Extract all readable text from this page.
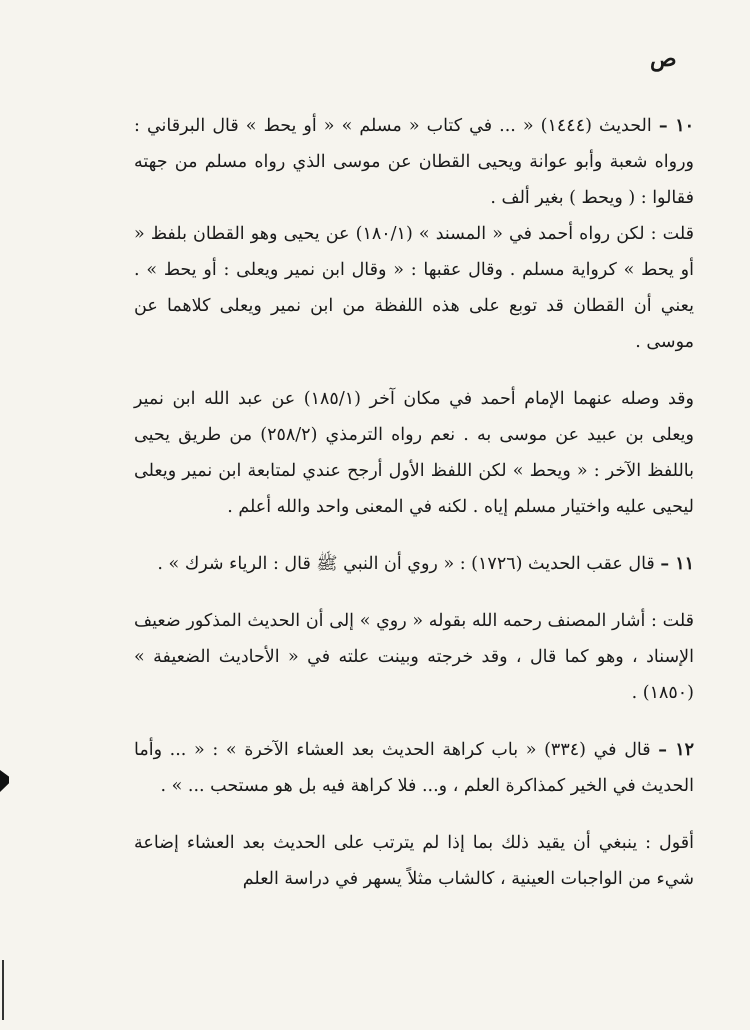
ص

١٠ – الحديث (١٤٤٤) « ... في كتاب « مسلم » « أو يحط » قال البرقاني : ورواه شعبة وأبو عوانة ويحيى القطان عن موسى الذي رواه مسلم من جهته فقالوا : ( ويحط ) بغير ألف .

قلت : لكن رواه أحمد في « المسند » (١٨٠/١) عن يحيى وهو القطان بلفظ « أو يحط » كرواية مسلم . وقال عقبها : « وقال ابن نمير ويعلى : أو يحط » . يعني أن القطان قد توبع على هذه اللفظة من ابن نمير ويعلى كلاهما عن موسى .

وقد وصله عنهما الإمام أحمد في مكان آخر (١٨٥/١) عن عبد الله ابن نمير ويعلى بن عبيد عن موسى به . نعم رواه الترمذي (٢٥٨/٢) من طريق يحيى باللفظ الآخر : « ويحط » لكن اللفظ الأول أرجح عندي لمتابعة ابن نمير ويعلى ليحيى عليه واختيار مسلم إياه . لكنه في المعنى واحد والله أعلم .

١١ – قال عقب الحديث (١٧٢٦) : « روي أن النبي ﷺ قال : الرياء شرك » .

قلت : أشار المصنف رحمه الله بقوله « روي » إلى أن الحديث المذكور ضعيف الإسناد ، وهو كما قال ، وقد خرجته وبينت علته في « الأحاديث الضعيفة » (١٨٥٠) .

١٢ – قال في (٣٣٤) « باب كراهة الحديث بعد العشاء الآخرة » : « ... وأما الحديث في الخير كمذاكرة العلم ، و... فلا كراهة فيه بل هو مستحب ... » .

أقول : ينبغي أن يقيد ذلك بما إذا لم يترتب على الحديث بعد العشاء إضاعة شيء من الواجبات العينية ، كالشاب مثلاً يسهر في دراسة العلم
